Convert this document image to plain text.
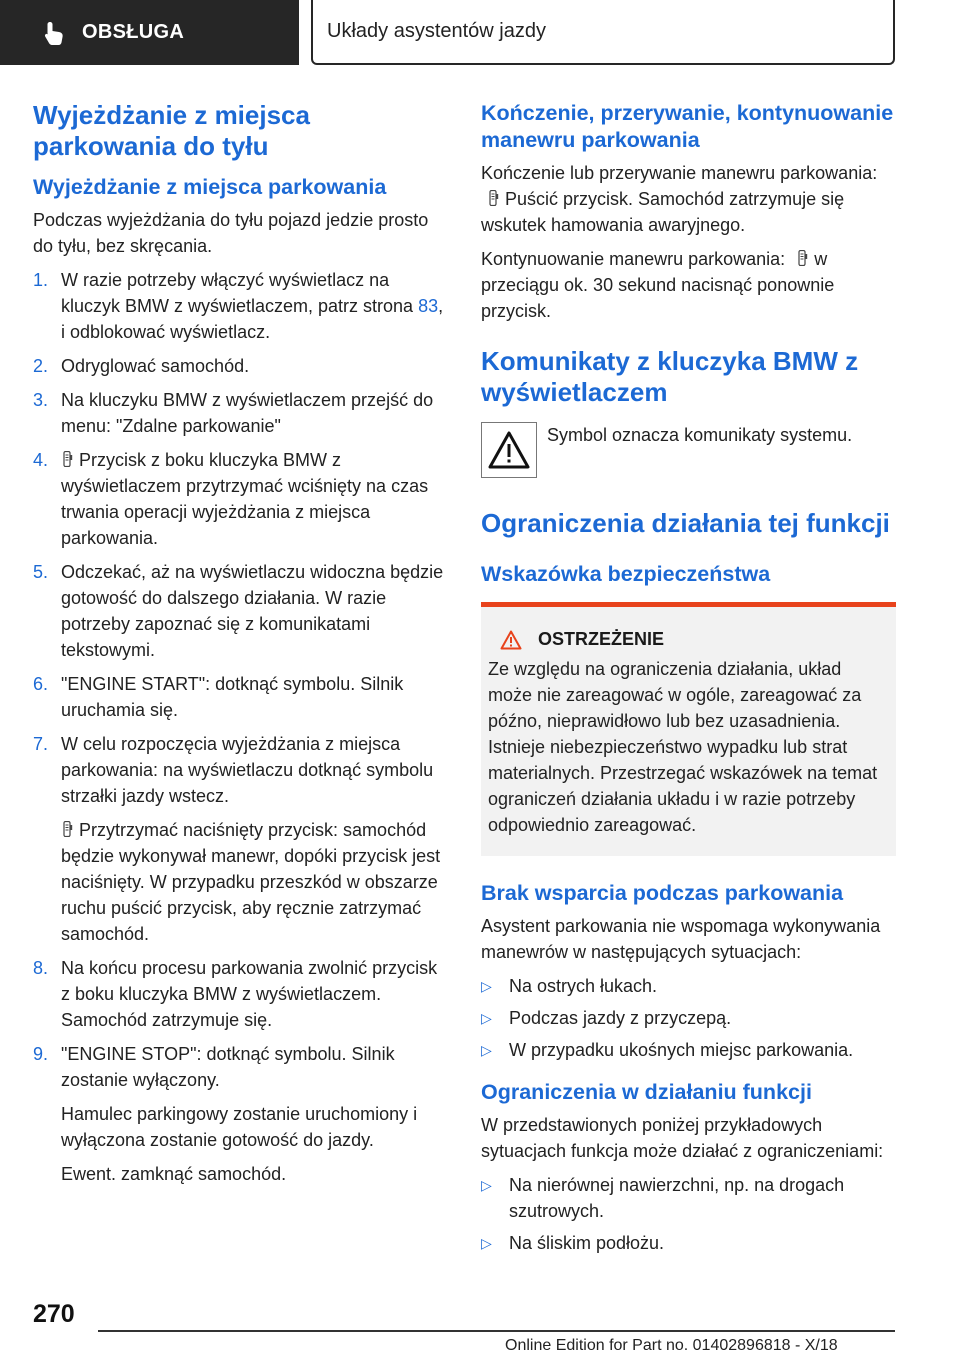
OBSŁUGA	Układy asystentów jazdy
Wyjeżdżanie z miejsca parkowania do tyłu
Wyjeżdżanie z miejsca parkowania

Podczas wyjeżdżania do tyłu pojazd jedzie prosto do tyłu, bez skręcania.

1. W razie potrzeby włączyć wyświetlacz na kluczyk BMW z wyświetlaczem, patrz strona 83, i odblokować wyświetlacz.
2. Odryglować samochód.
3. Na kluczyku BMW z wyświetlaczem przejść do menu: "Zdalne parkowanie"
4. Przycisk z boku kluczyka BMW z wyświetlaczem przytrzymać wciśnięty na czas trwania operacji wyjeżdżania z miejsca parkowania.
5. Odczekać, aż na wyświetlaczu widoczna będzie gotowość do dalszego działania. W razie potrzeby zapoznać się z komunikatami tekstowymi.
6. "ENGINE START": dotknąć symbolu. Silnik uruchamia się.
7. W celu rozpoczęcia wyjeżdżania z miejsca parkowania: na wyświetlaczu dotknąć symbolu strzałki jazdy wstecz.

Przytrzymać naciśnięty przycisk: samochód będzie wykonywał manewr, dopóki przycisk jest naciśnięty. W przypadku przeszkód w obszarze ruchu puścić przycisk, aby ręcznie zatrzymać samochód.

8. Na końcu procesu parkowania zwolnić przycisk z boku kluczyka BMW z wyświetlaczem. Samochód zatrzymuje się.
9. "ENGINE STOP": dotknąć symbolu. Silnik zostanie wyłączony.

Hamulec parkingowy zostanie uruchomiony i wyłączona zostanie gotowość do jazdy.

Ewent. zamknąć samochód.

Kończenie, przerywanie, kontynuowanie manewru parkowania

Kończenie lub przerywanie manewru parkowania: Puścić przycisk. Samochód zatrzymuje się wskutek hamowania awaryjnego.

Kontynuowanie manewru parkowania: w przeciągu ok. 30 sekund nacisnąć ponownie przycisk.

Komunikaty z kluczyka BMW z wyświetlaczem

Symbol oznacza komunikaty systemu.

Ograniczenia działania tej funkcji
Wskazówka bezpieczeństwa
OSTRZEŻENIE

Ze względu na ograniczenia działania, układ może nie zareagować w ogóle, zareagować za późno, nieprawidłowo lub bez uzasadnienia. Istnieje niebezpieczeństwo wypadku lub strat materialnych. Przestrzegać wskazówek na temat ograniczeń działania układu i w razie potrzeby odpowiednio zareagować.

Brak wsparcia podczas parkowania

Asystent parkowania nie wspomaga wykonywania manewrów w następujących sytuacjach:

▷ Na ostrych łukach.
▷ Podczas jazdy z przyczepą.
▷ W przypadku ukośnych miejsc parkowania.
Ograniczenia w działaniu funkcji

W przedstawionych poniżej przykładowych sytuacjach funkcja może działać z ograniczeniami:

▷ Na nierównej nawierzchni, np. na drogach szutrowych.
▷ Na śliskim podłożu.
270
Online Edition for Part no. 01402896818 - X/18
